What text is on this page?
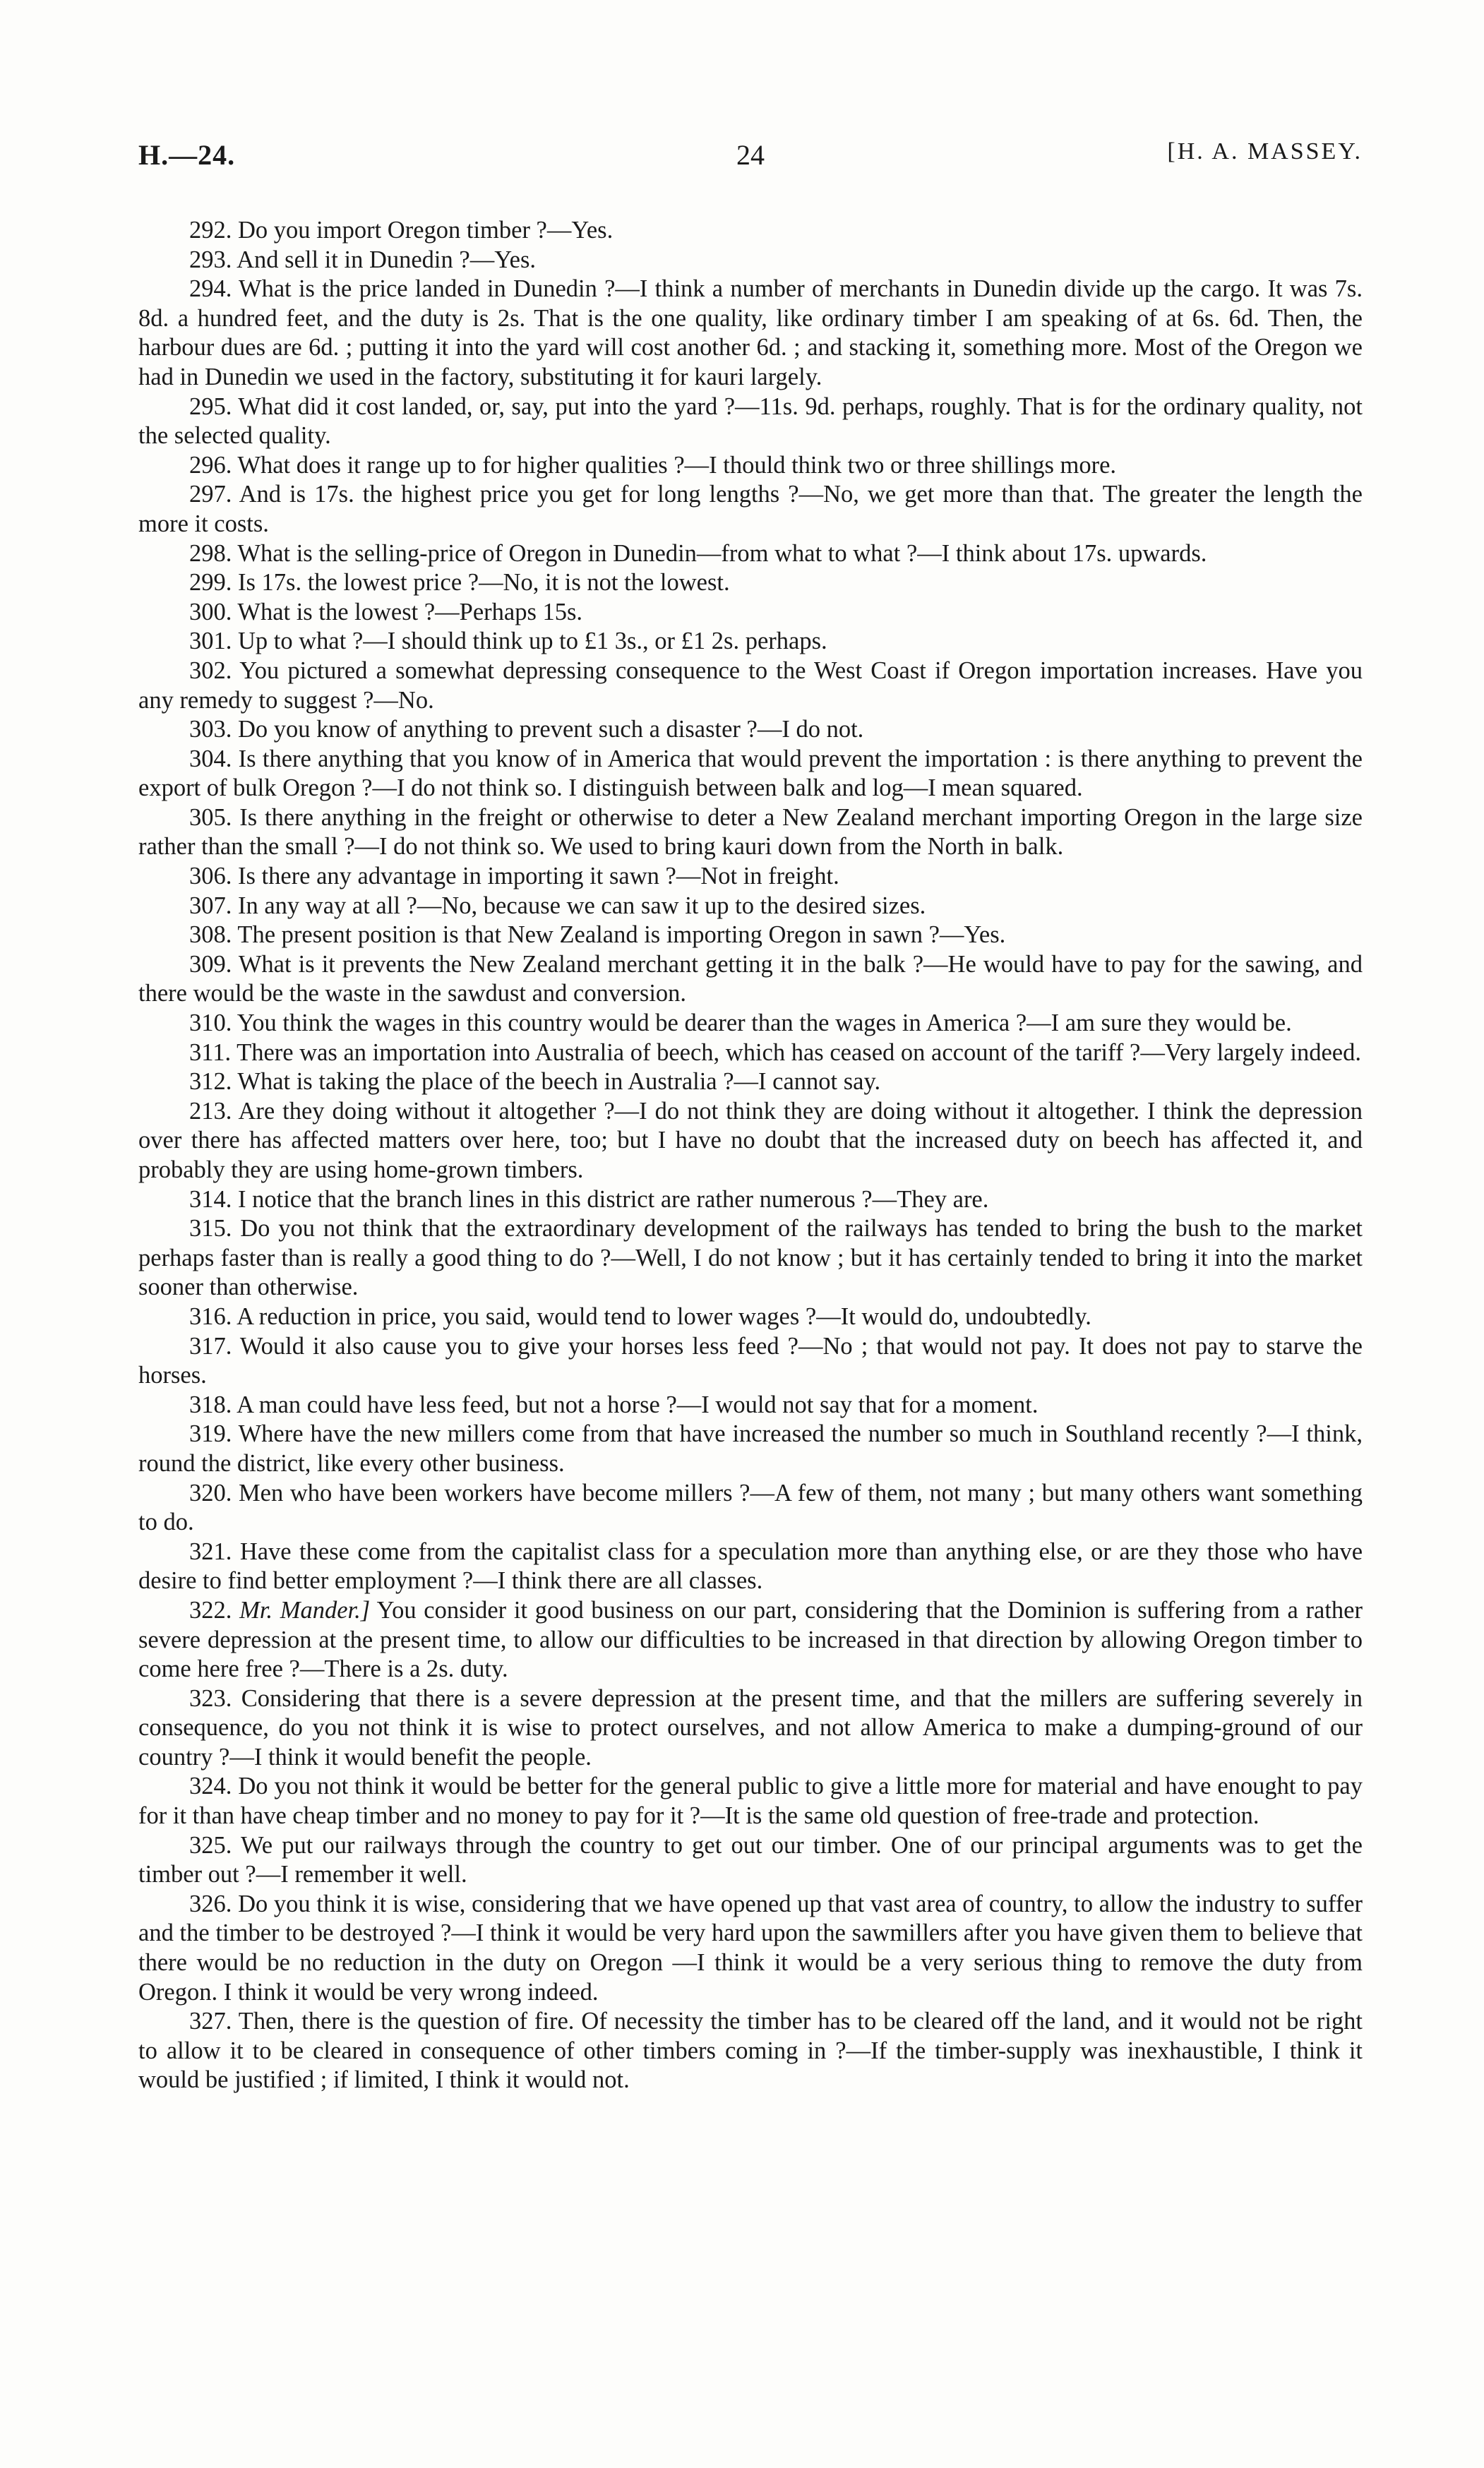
H.—24.	24	[H. A. MASSEY.

292. Do you import Oregon timber ?—Yes.

293. And sell it in Dunedin ?—Yes.

294. What is the price landed in Dunedin ?—I think a number of merchants in Dunedin divide up the cargo. It was 7s. 8d. a hundred feet, and the duty is 2s. That is the one quality, like ordinary timber I am speaking of at 6s. 6d. Then, the harbour dues are 6d. ; putting it into the yard will cost another 6d. ; and stacking it, something more. Most of the Oregon we had in Dunedin we used in the factory, substituting it for kauri largely.

295. What did it cost landed, or, say, put into the yard ?—11s. 9d. perhaps, roughly. That is for the ordinary quality, not the selected quality.

296. What does it range up to for higher qualities ?—I thould think two or three shillings more.

297. And is 17s. the highest price you get for long lengths ?—No, we get more than that. The greater the length the more it costs.

298. What is the selling-price of Oregon in Dunedin—from what to what ?—I think about 17s. upwards.

299. Is 17s. the lowest price ?—No, it is not the lowest.

300. What is the lowest ?—Perhaps 15s.

301. Up to what ?—I should think up to £1 3s., or £1 2s. perhaps.

302. You pictured a somewhat depressing consequence to the West Coast if Oregon importation increases. Have you any remedy to suggest ?—No.

303. Do you know of anything to prevent such a disaster ?—I do not.

304. Is there anything that you know of in America that would prevent the importation : is there anything to prevent the export of bulk Oregon ?—I do not think so. I distinguish between balk and log—I mean squared.

305. Is there anything in the freight or otherwise to deter a New Zealand merchant importing Oregon in the large size rather than the small ?—I do not think so. We used to bring kauri down from the North in balk.

306. Is there any advantage in importing it sawn ?—Not in freight.

307. In any way at all ?—No, because we can saw it up to the desired sizes.

308. The present position is that New Zealand is importing Oregon in sawn ?—Yes.

309. What is it prevents the New Zealand merchant getting it in the balk ?—He would have to pay for the sawing, and there would be the waste in the sawdust and conversion.

310. You think the wages in this country would be dearer than the wages in America ?—I am sure they would be.

311. There was an importation into Australia of beech, which has ceased on account of the tariff ?—Very largely indeed.

312. What is taking the place of the beech in Australia ?—I cannot say.

213. Are they doing without it altogether ?—I do not think they are doing without it altogether. I think the depression over there has affected matters over here, too; but I have no doubt that the increased duty on beech has affected it, and probably they are using home-grown timbers.

314. I notice that the branch lines in this district are rather numerous ?—They are.

315. Do you not think that the extraordinary development of the railways has tended to bring the bush to the market perhaps faster than is really a good thing to do ?—Well, I do not know ; but it has certainly tended to bring it into the market sooner than otherwise.

316. A reduction in price, you said, would tend to lower wages ?—It would do, undoubtedly.

317. Would it also cause you to give your horses less feed ?—No ; that would not pay. It does not pay to starve the horses.

318. A man could have less feed, but not a horse ?—I would not say that for a moment.

319. Where have the new millers come from that have increased the number so much in Southland recently ?—I think, round the district, like every other business.

320. Men who have been workers have become millers ?—A few of them, not many ; but many others want something to do.

321. Have these come from the capitalist class for a speculation more than anything else, or are they those who have desire to find better employment ?—I think there are all classes.

322. Mr. Mander.] You consider it good business on our part, considering that the Dominion is suffering from a rather severe depression at the present time, to allow our difficulties to be increased in that direction by allowing Oregon timber to come here free ?—There is a 2s. duty.

323. Considering that there is a severe depression at the present time, and that the millers are suffering severely in consequence, do you not think it is wise to protect ourselves, and not allow America to make a dumping-ground of our country ?—I think it would benefit the people.

324. Do you not think it would be better for the general public to give a little more for material and have enought to pay for it than have cheap timber and no money to pay for it ?—It is the same old question of free-trade and protection.

325. We put our railways through the country to get out our timber. One of our principal arguments was to get the timber out ?—I remember it well.

326. Do you think it is wise, considering that we have opened up that vast area of country, to allow the industry to suffer and the timber to be destroyed ?—I think it would be very hard upon the sawmillers after you have given them to believe that there would be no reduction in the duty on Oregon —I think it would be a very serious thing to remove the duty from Oregon. I think it would be very wrong indeed.

327. Then, there is the question of fire. Of necessity the timber has to be cleared off the land, and it would not be right to allow it to be cleared in consequence of other timbers coming in ?—If the timber-supply was inexhaustible, I think it would be justified ; if limited, I think it would not.
